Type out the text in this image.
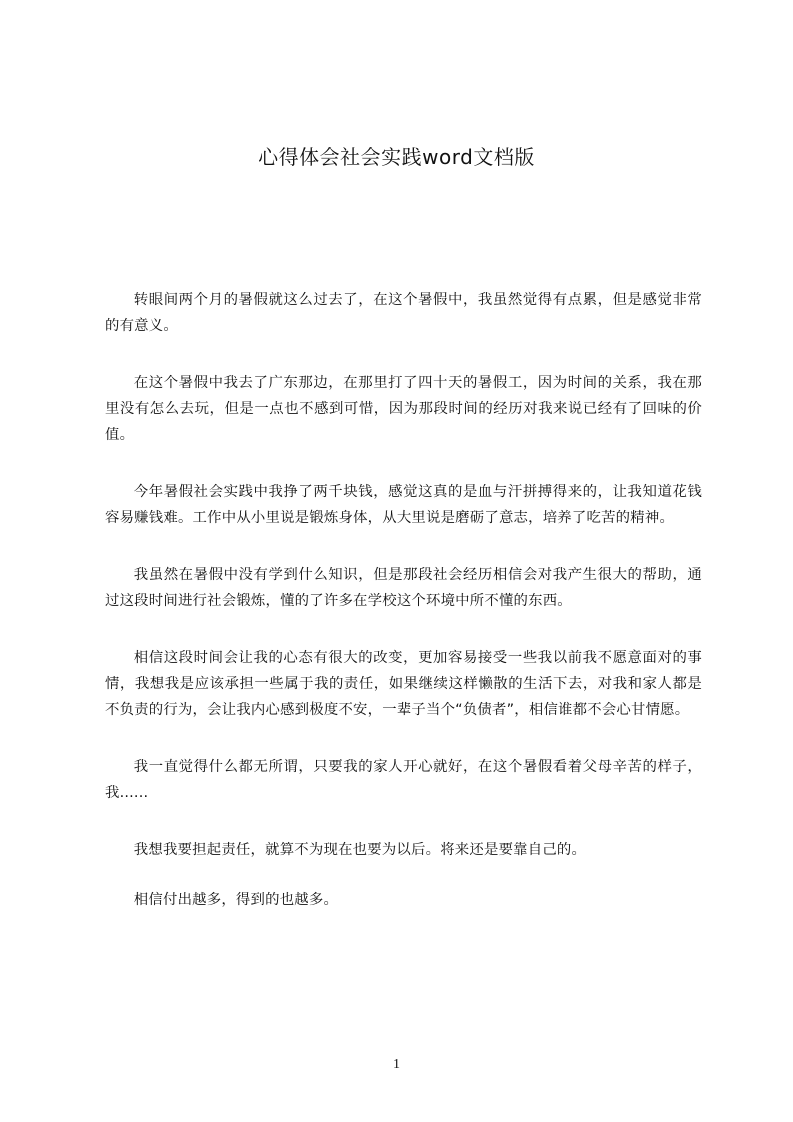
心得体会社会实践word文档版

转眼间两个月的暑假就这么过去了，在这个暑假中，我虽然觉得有点累，但是感觉非常的有意义。

在这个暑假中我去了广东那边，在那里打了四十天的暑假工，因为时间的关系，我在那里没有怎么去玩，但是一点也不感到可惜，因为那段时间的经历对我来说已经有了回味的价值。

今年暑假社会实践中我挣了两千块钱，感觉这真的是血与汗拼搏得来的，让我知道花钱容易赚钱难。工作中从小里说是锻炼身体，从大里说是磨砺了意志，培养了吃苦的精神。

我虽然在暑假中没有学到什么知识，但是那段社会经历相信会对我产生很大的帮助，通过这段时间进行社会锻炼，懂的了许多在学校这个环境中所不懂的东西。

相信这段时间会让我的心态有很大的改变，更加容易接受一些我以前我不愿意面对的事情，我想我是应该承担一些属于我的责任，如果继续这样懒散的生活下去，对我和家人都是不负责的行为，会让我内心感到极度不安，一辈子当个“负债者”，相信谁都不会心甘情愿。

我一直觉得什么都无所谓，只要我的家人开心就好，在这个暑假看着父母辛苦的样子，我......

我想我要担起责任，就算不为现在也要为以后。将来还是要靠自己的。

相信付出越多，得到的也越多。

1
